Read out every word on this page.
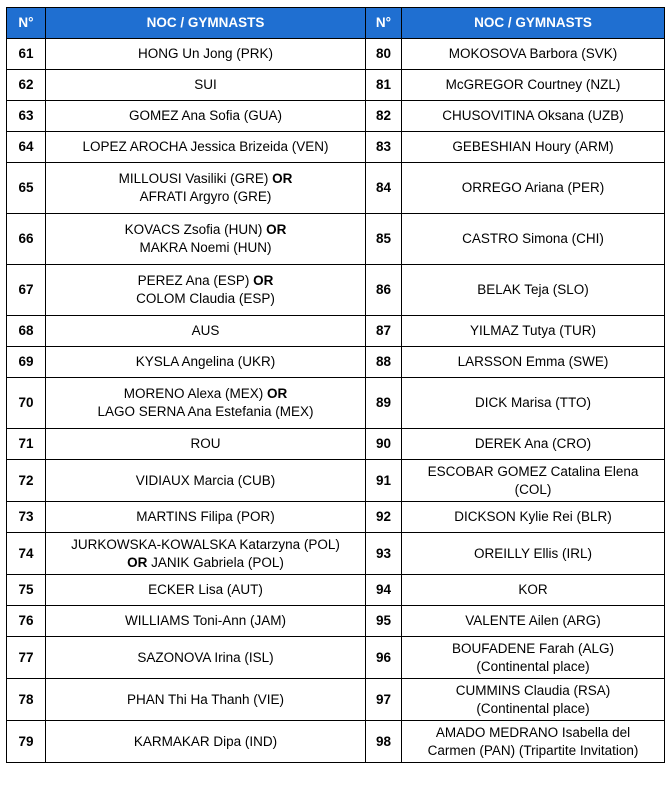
N°	NOC / GYMNASTS	N°	NOC / GYMNASTS
61	HONG Un Jong (PRK)	80	MOKOSOVA Barbora (SVK)
62	SUI	81	McGREGOR Courtney (NZL)
63	GOMEZ Ana Sofia (GUA)	82	CHUSOVITINA Oksana (UZB)
64	LOPEZ AROCHA Jessica Brizeida (VEN)	83	GEBESHIAN Houry (ARM)
65	MILLOUSI Vasiliki (GRE) OR
AFRATI Argyro (GRE)	84	ORREGO Ariana (PER)
66	KOVACS Zsofia (HUN) OR
MAKRA Noemi (HUN)	85	CASTRO Simona (CHI)
67	PEREZ Ana (ESP) OR
COLOM Claudia (ESP)	86	BELAK Teja (SLO)
68	AUS	87	YILMAZ Tutya (TUR)
69	KYSLA Angelina (UKR)	88	LARSSON Emma (SWE)
70	MORENO Alexa (MEX) OR
LAGO SERNA Ana Estefania (MEX)	89	DICK Marisa (TTO)
71	ROU	90	DEREK Ana (CRO)
72	VIDIAUX Marcia (CUB)	91	ESCOBAR GOMEZ Catalina Elena
(COL)
73	MARTINS Filipa (POR)	92	DICKSON Kylie Rei (BLR)
74	JURKOWSKA-KOWALSKA Katarzyna (POL)
OR JANIK Gabriela (POL)	93	OREILLY Ellis (IRL)
75	ECKER Lisa (AUT)	94	KOR
76	WILLIAMS Toni-Ann (JAM)	95	VALENTE Ailen (ARG)
77	SAZONOVA Irina (ISL)	96	BOUFADENE Farah (ALG)
(Continental place)
78	PHAN Thi Ha Thanh (VIE)	97	CUMMINS Claudia (RSA)
(Continental place)
79	KARMAKAR Dipa (IND)	98	AMADO MEDRANO Isabella del
Carmen (PAN) (Tripartite Invitation)
